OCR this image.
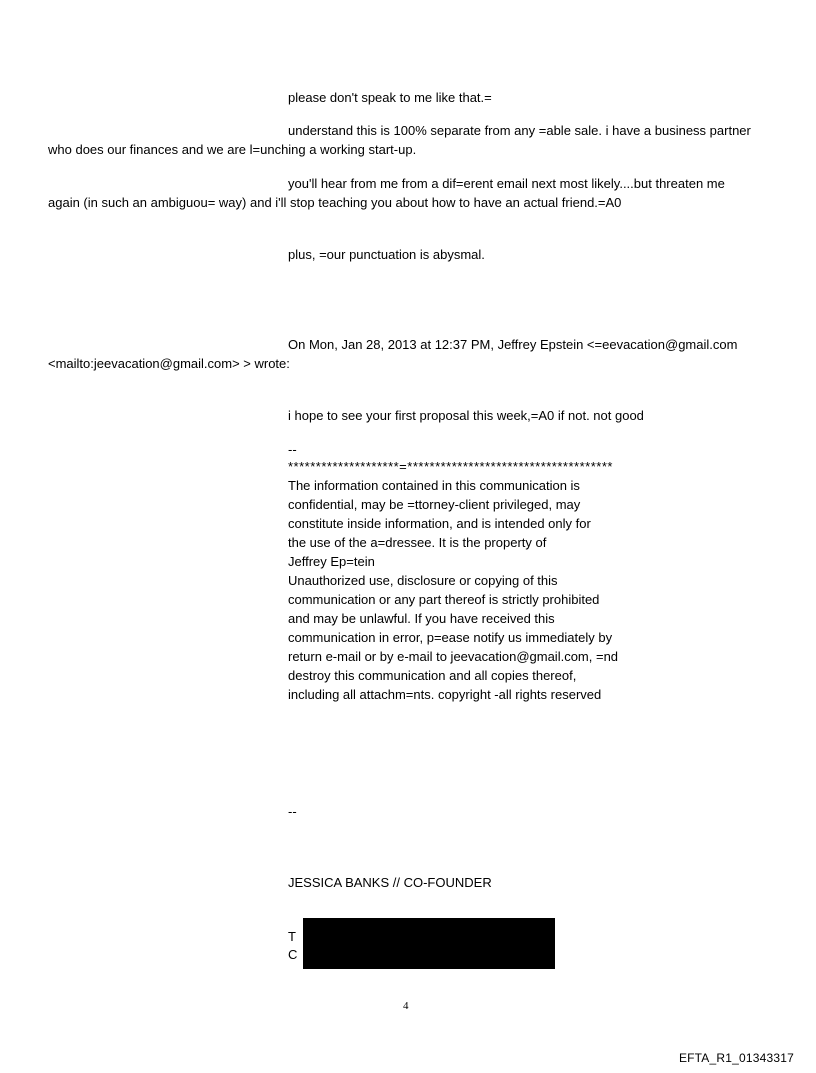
please don't speak to me like that.=
understand this is 100% separate from any =able sale. i have a business partner
who does our finances and we are l=unching a working start-up.
you'll hear from me from a dif=erent email next most likely....but threaten me
again (in such an ambiguou= way) and i'll stop teaching you about how to have an actual friend.=A0
plus, =our punctuation is abysmal.
On Mon, Jan 28, 2013 at 12:37 PM, Jeffrey Epstein <=eevacation@gmail.com
<mailto:jeevacation@gmail.com> > wrote:
i hope to see your first proposal this week,=A0 if not. not good
--
********************=*************************************
The information contained in this communication is
confidential, may be =ttorney-client privileged, may
constitute inside information, and is intended only for
the use of the a=dressee. It is the property of
Jeffrey Ep=tein
Unauthorized use, disclosure or copying of this
communication or any part thereof is strictly prohibited
and may be unlawful. If you have received this
communication in error, p=ease notify us immediately by
return e-mail or by e-mail to jeevacation@gmail.com, =nd
destroy this communication and all copies thereof,
including all attachm=nts. copyright -all rights reserved
--
JESSICA BANKS // CO-FOUNDER
T
C
4
EFTA_R1_01343317
